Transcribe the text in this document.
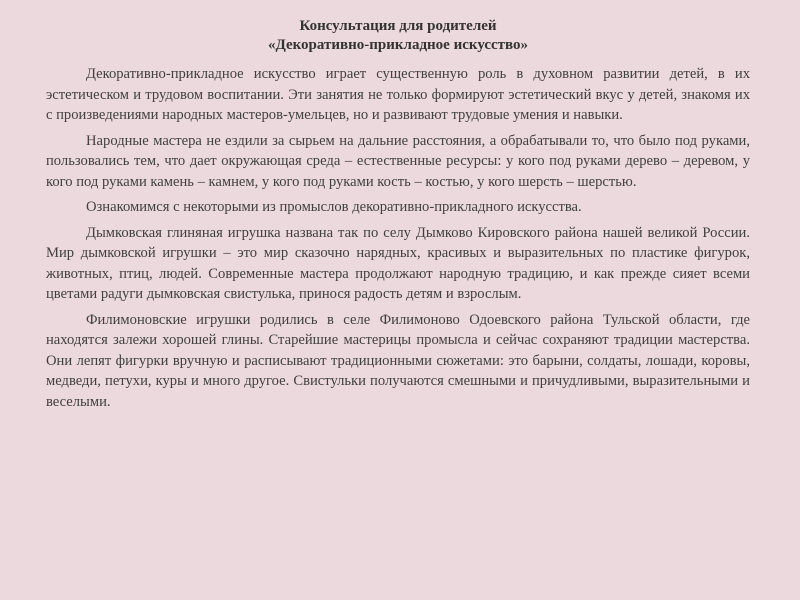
Консультация для родителей
«Декоративно-прикладное искусство»

Декоративно-прикладное искусство играет существенную роль в духовном развитии детей, в их эстетическом и трудовом воспитании. Эти занятия не только формируют эстетический вкус у детей, знакомя их с произведениями народных мастеров-умельцев, но и развивают трудовые умения и навыки.

Народные мастера не ездили за сырьем на дальние расстояния, а обрабатывали то, что было под руками, пользовались тем, что дает окружающая среда – естественные ресурсы: у кого под руками дерево – деревом, у кого под руками камень – камнем, у кого под руками кость – костью, у кого шерсть – шерстью.

Ознакомимся с некоторыми из промыслов декоративно-прикладного искусства.

Дымковская глиняная игрушка названа так по селу Дымково Кировского района нашей великой России. Мир дымковской игрушки – это мир сказочно нарядных, красивых и выразительных по пластике фигурок, животных, птиц, людей. Современные мастера продолжают народную традицию, и как прежде сияет всеми цветами радуги дымковская свистулька, принося радость детям и взрослым.

Филимоновские игрушки родились в селе Филимоново Одоевского района Тульской области, где находятся залежи хорошей глины. Старейшие мастерицы промысла и сейчас сохраняют традиции мастерства. Они лепят фигурки вручную и расписывают традиционными сюжетами: это барыни, солдаты, лошади, коровы, медведи, петухи, куры и много другое. Свистульки получаются смешными и причудливыми, выразительными и веселыми.
